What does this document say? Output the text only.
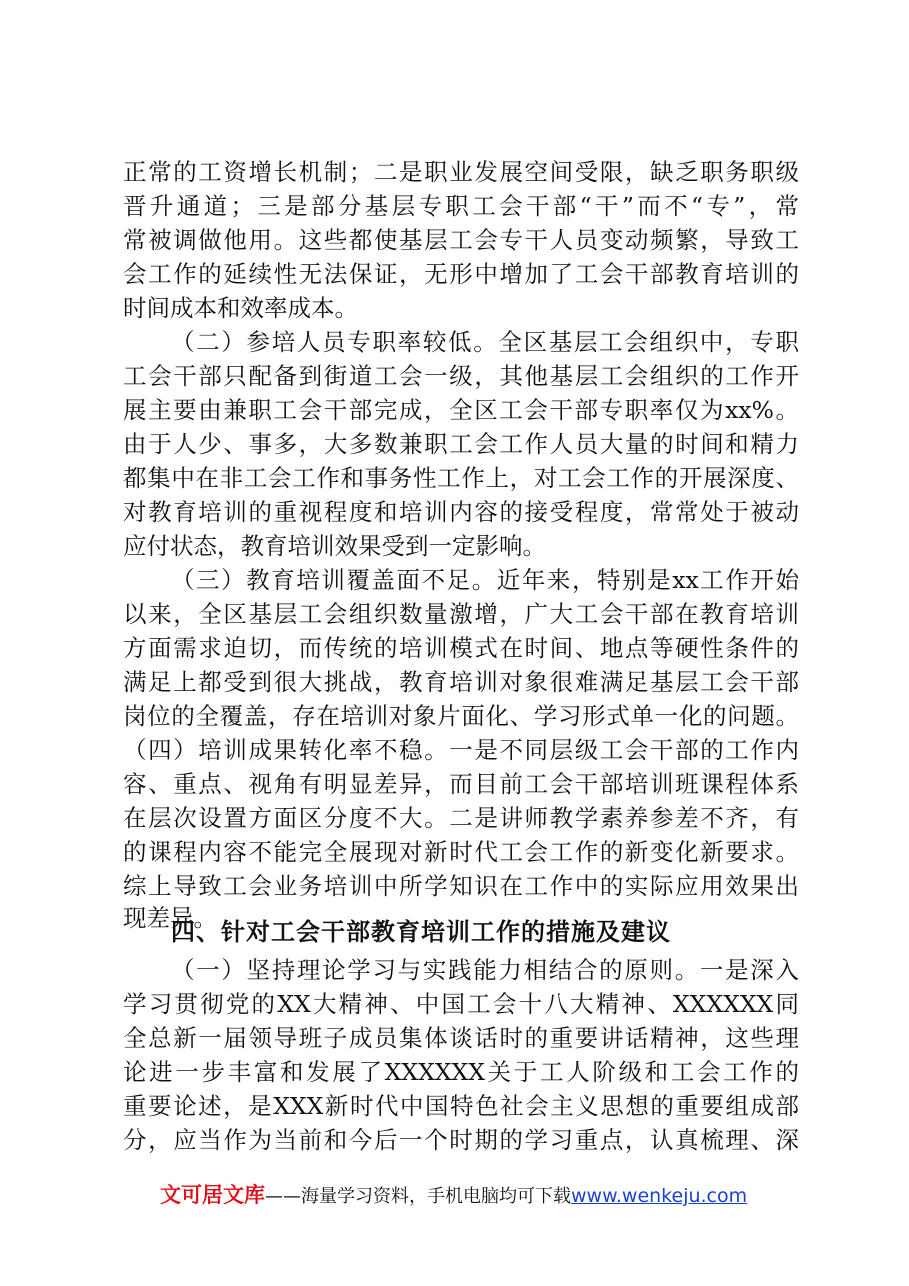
正常的工资增长机制；二是职业发展空间受限，缺乏职务职级
晋升通道；三是部分基层专职工会干部“干”而不“专”，常
常被调做他用。这些都使基层工会专干人员变动频繁，导致工
会工作的延续性无法保证，无形中增加了工会干部教育培训的
时间成本和效率成本。
（二）参培人员专职率较低。全区基层工会组织中，专职
工会干部只配备到街道工会一级，其他基层工会组织的工作开
展主要由兼职工会干部完成，全区工会干部专职率仅为xx%。
由于人少、事多，大多数兼职工会工作人员大量的时间和精力
都集中在非工会工作和事务性工作上，对工会工作的开展深度、
对教育培训的重视程度和培训内容的接受程度，常常处于被动
应付状态，教育培训效果受到一定影响。
（三）教育培训覆盖面不足。近年来，特别是xx工作开始
以来，全区基层工会组织数量激增，广大工会干部在教育培训
方面需求迫切，而传统的培训模式在时间、地点等硬性条件的
满足上都受到很大挑战，教育培训对象很难满足基层工会干部
岗位的全覆盖，存在培训对象片面化、学习形式单一化的问题。
（四）培训成果转化率不稳。一是不同层级工会干部的工作内
容、重点、视角有明显差异，而目前工会干部培训班课程体系
在层次设置方面区分度不大。二是讲师教学素养参差不齐，有
的课程内容不能完全展现对新时代工会工作的新变化新要求。
综上导致工会业务培训中所学知识在工作中的实际应用效果出
现差异。
四、针对工会干部教育培训工作的措施及建议
（一）坚持理论学习与实践能力相结合的原则。一是深入
学习贯彻党的XX大精神、中国工会十八大精神、XXXXXX同
全总新一届领导班子成员集体谈话时的重要讲话精神，这些理
论进一步丰富和发展了XXXXXX关于工人阶级和工会工作的
重要论述，是XXX新时代中国特色社会主义思想的重要组成部
分，应当作为当前和今后一个时期的学习重点，认真梳理、深
文可居文库——海量学习资料，手机电脑均可下载www.wenkeju.com
